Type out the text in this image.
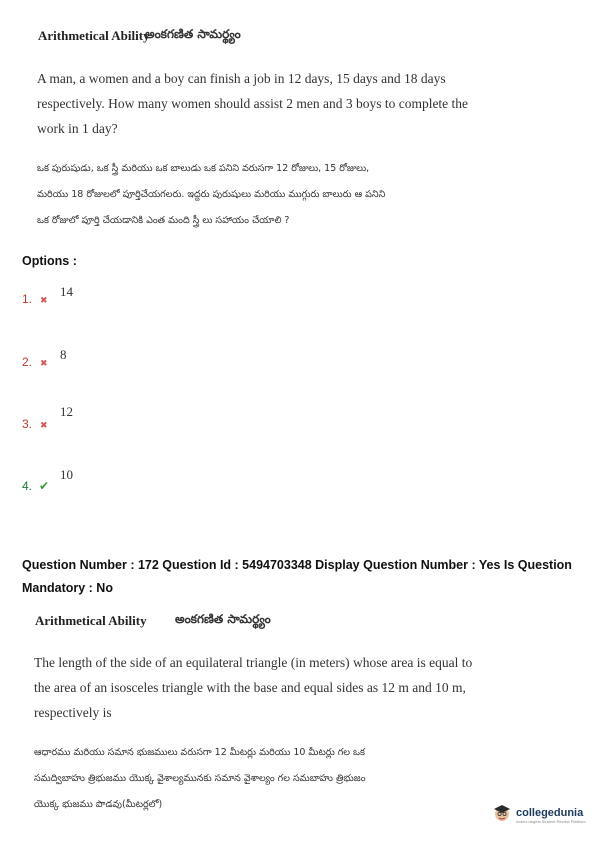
Arithmetical Ability
అంకగణిత సామర్థ్యం
A man, a women and a boy can finish a job in 12 days, 15 days and 18 days
respectively. How many women should assist 2 men and 3 boys to complete the
work in 1 day?
ఒక పురుషుడు, ఒక స్త్రీ మరియు ఒక బాలుడు ఒక పనిని వరుసగా 12 రోజులు, 15 రోజులు,
మరియు 18 రోజులలో పూర్తిచేయగలరు. ఇద్దరు పురుషులు మరియు ముగ్గురు బాలురు ఆ పనిని
ఒక రోజులో పూర్తి చేయడానికి ఎంత మంది స్త్రీ లు సహాయం చేయాలి ?
Options :
1. ✖
14
2. ✖
8
3. ✖
12
4. ✔
10
Question Number : 172 Question Id : 5494703348 Display Question Number : Yes Is Question Mandatory : No
Arithmetical Ability అంకగణిత సామర్థ్యం
The length of the side of an equilateral triangle (in meters) whose area is equal to
the area of an isosceles triangle with the base and equal sides as 12 m and 10 m,
respectively is
ఆధారము మరియు సమాన భుజములు వరుసగా 12 మీటర్లు మరియు 10 మీటర్లు గల ఒక
సమద్విబాహు త్రిభుజము యొక్క వైశాల్యమునకు సమాన వైశాల్యం గల సమబాహు త్రిభుజం
యొక్క భుజము పొడవు(మీటర్లలో)
collegedunia
India's largest Student Review Platform
